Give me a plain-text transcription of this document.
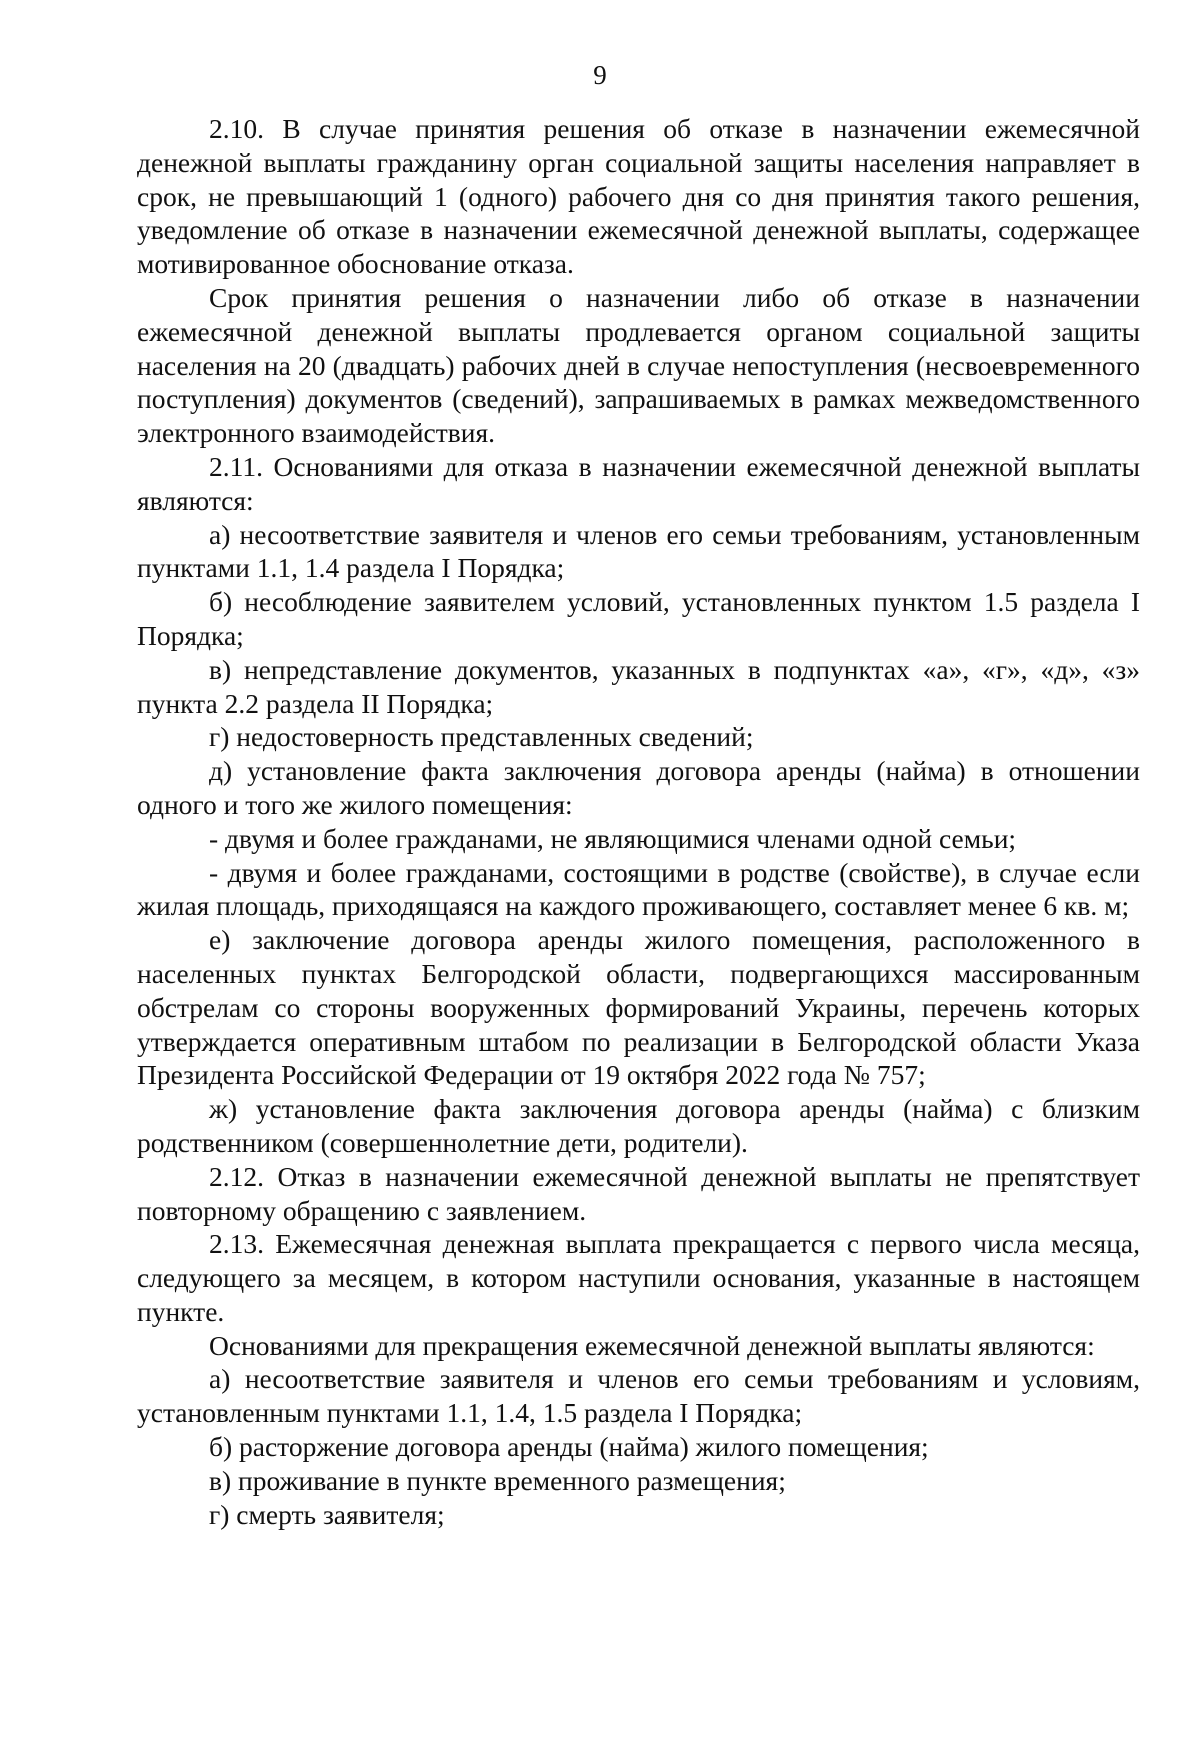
9

2.10. В случае принятия решения об отказе в назначении ежемесячной денежной выплаты гражданину орган социальной защиты населения направляет в срок, не превышающий 1 (одного) рабочего дня со дня принятия такого решения, уведомление об отказе в назначении ежемесячной денежной выплаты, содержащее мотивированное обоснование отказа.

Срок принятия решения о назначении либо об отказе в назначении ежемесячной денежной выплаты продлевается органом социальной защиты населения на 20 (двадцать) рабочих дней в случае непоступления (несвоевременного поступления) документов (сведений), запрашиваемых в рамках межведомственного электронного взаимодействия.

2.11. Основаниями для отказа в назначении ежемесячной денежной выплаты являются:

а) несоответствие заявителя и членов его семьи требованиям, установленным пунктами 1.1, 1.4 раздела I Порядка;

б) несоблюдение заявителем условий, установленных пунктом 1.5 раздела I Порядка;

в) непредставление документов, указанных в подпунктах «а», «г», «д», «з» пункта 2.2 раздела II Порядка;

г) недостоверность представленных сведений;

д) установление факта заключения договора аренды (найма) в отношении одного и того же жилого помещения:

- двумя и более гражданами, не являющимися членами одной семьи;

- двумя и более гражданами, состоящими в родстве (свойстве), в случае если жилая площадь, приходящаяся на каждого проживающего, составляет менее 6 кв. м;

е) заключение договора аренды жилого помещения, расположенного в населенных пунктах Белгородской области, подвергающихся массированным обстрелам со стороны вооруженных формирований Украины, перечень которых утверждается оперативным штабом по реализации в Белгородской области Указа Президента Российской Федерации от 19 октября 2022 года № 757;

ж) установление факта заключения договора аренды (найма) с близким родственником (совершеннолетние дети, родители).

2.12. Отказ в назначении ежемесячной денежной выплаты не препятствует повторному обращению с заявлением.

2.13. Ежемесячная денежная выплата прекращается с первого числа месяца, следующего за месяцем, в котором наступили основания, указанные в настоящем пункте.

Основаниями для прекращения ежемесячной денежной выплаты являются:

а) несоответствие заявителя и членов его семьи требованиям и условиям, установленным пунктами 1.1, 1.4, 1.5 раздела I Порядка;

б) расторжение договора аренды (найма) жилого помещения;

в) проживание в пункте временного размещения;

г) смерть заявителя;
